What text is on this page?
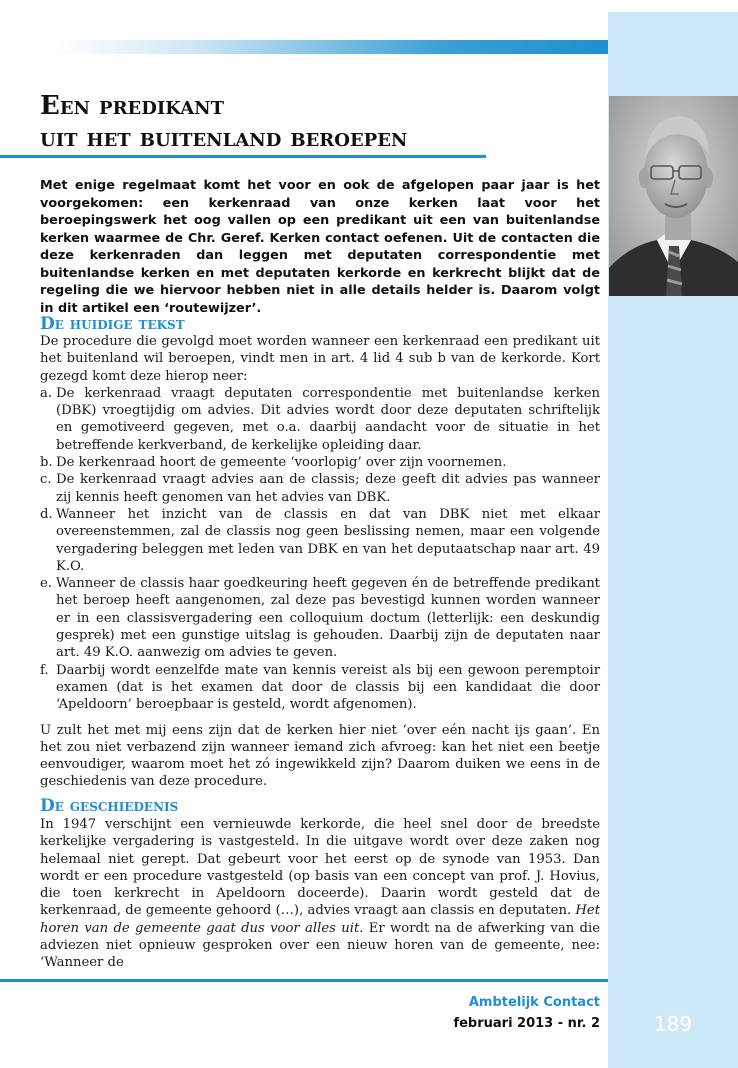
Een predikant
uit het buitenland beroepen

Met enige regelmaat komt het voor en ook de afgelopen paar jaar is het voorgekomen: een kerkenraad van onze kerken laat voor het beroepingswerk het oog vallen op een predikant uit een van buitenlandse kerken waarmee de Chr. Geref. Kerken contact oefenen. Uit de contacten die deze kerkenraden dan leggen met deputaten correspondentie met buitenlandse kerken en met deputaten kerkorde en kerkrecht blijkt dat de regeling die we hiervoor hebben niet in alle details helder is. Daarom volgt in dit artikel een ‘routewijzer’.

De huidige tekst

De procedure die gevolgd moet worden wanneer een kerkenraad een predikant uit het buitenland wil beroepen, vindt men in art. 4 lid 4 sub b van de kerkorde. Kort gezegd komt deze hierop neer:

a. De kerkenraad vraagt deputaten correspondentie met buitenlandse kerken (DBK) vroegtijdig om advies. Dit advies wordt door deze deputaten schriftelijk en gemotiveerd gegeven, met o.a. daarbij aandacht voor de situatie in het betreffende kerkverband, de kerkelijke opleiding daar.
b. De kerkenraad hoort de gemeente ‘voorlopig’ over zijn voornemen.
c. De kerkenraad vraagt advies aan de classis; deze geeft dit advies pas wanneer zij kennis heeft genomen van het advies van DBK.
d. Wanneer het inzicht van de classis en dat van DBK niet met elkaar overeenstemmen, zal de classis nog geen beslissing nemen, maar een volgende vergadering beleggen met leden van DBK en van het deputaatschap naar art. 49 K.O.
e. Wanneer de classis haar goedkeuring heeft gegeven én de betreffende predikant het beroep heeft aangenomen, zal deze pas bevestigd kunnen worden wanneer er in een classisvergadering een colloquium doctum (letterlijk: een deskundig gesprek) met een gunstige uitslag is gehouden. Daarbij zijn de deputaten naar art. 49 K.O. aanwezig om advies te geven.
f. Daarbij wordt eenzelfde mate van kennis vereist als bij een gewoon peremptoir examen (dat is het examen dat door de classis bij een kandidaat die door ‘Apeldoorn’ beroepbaar is gesteld, wordt afgenomen).

U zult het met mij eens zijn dat de kerken hier niet ‘over eén nacht ijs gaan’. En het zou niet verbazend zijn wanneer iemand zich afvroeg: kan het niet een beetje eenvoudiger, waarom moet het zó ingewikkeld zijn? Daarom duiken we eens in de geschiedenis van deze procedure.

De geschiedenis

In 1947 verschijnt een vernieuwde kerkorde, die heel snel door de breedste kerkelijke vergadering is vastgesteld. In die uitgave wordt over deze zaken nog helemaal niet gerept. Dat gebeurt voor het eerst op de synode van 1953. Dan wordt er een procedure vastgesteld (op basis van een concept van prof. J. Hovius, die toen kerkrecht in Apeldoorn doceerde). Daarin wordt gesteld dat de kerkenraad, de gemeente gehoord (…), advies vraagt aan classis en deputaten. Het horen van de gemeente gaat dus voor alles uit. Er wordt na de afwerking van die adviezen niet opnieuw gesproken over een nieuw horen van de gemeente, nee: ‘Wanneer de

Ambtelijk Contact
februari 2013 - nr. 2	189
